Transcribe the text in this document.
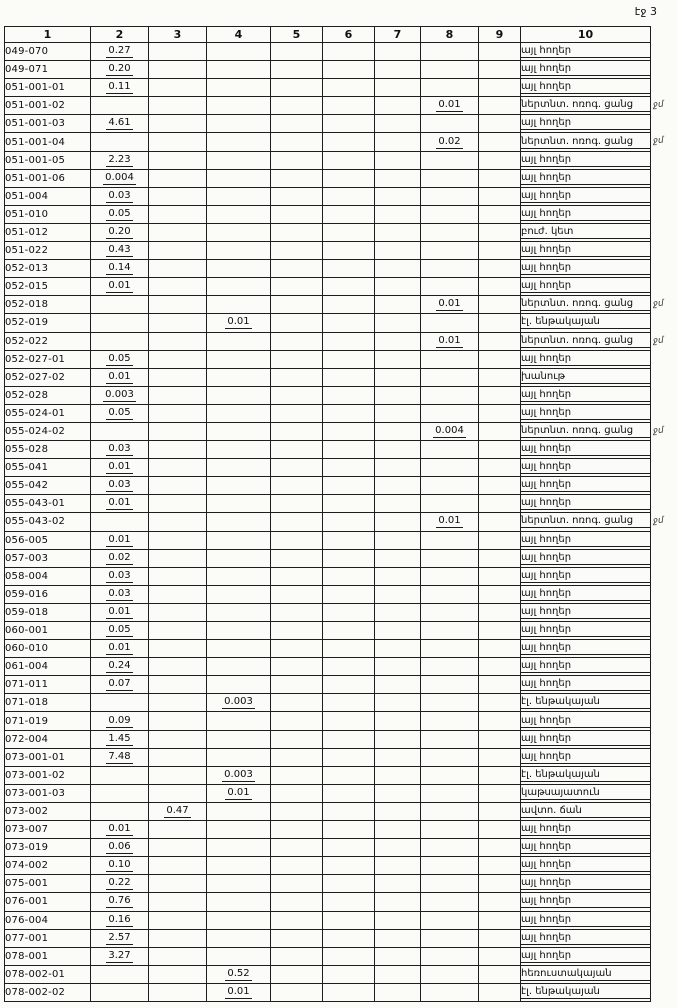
էջ 3
1	2	3	4	5	6	7	8	9	10
049-070	0.27								այլ հողեր
049-071	0.20								այլ հողեր
051-001-01	0.11								այլ հողեր
051-001-02							0.01		ներտնտ. ոռոգ. ցանց ջմ

051-001-03	4.61								այլ հողեր
051-001-04							0.02		ներտնտ. ոռոգ. ցանց ջմ

051-001-05	2.23								այլ հողեր
051-001-06	0.004								այլ հողեր
051-004	0.03								այլ հողեր
051-010	0.05								այլ հողեր
051-012	0.20								բուժ. կետ
051-022	0.43								այլ հողեր
052-013	0.14								այլ հողեր
052-015	0.01								այլ հողեր
052-018							0.01		ներտնտ. ոռոգ. ցանց ջմ

052-019			0.01						էլ. ենթակայան
052-022							0.01		ներտնտ. ոռոգ. ցանց ջմ

052-027-01	0.05								այլ հողեր
052-027-02	0.01								խանութ
052-028	0.003								այլ հողեր
055-024-01	0.05								այլ հողեր
055-024-02							0.004		ներտնտ. ոռոգ. ցանց ջմ

055-028	0.03								այլ հողեր
055-041	0.01								այլ հողեր
055-042	0.03								այլ հողեր
055-043-01	0.01								այլ հողեր
055-043-02							0.01		ներտնտ. ոռոգ. ցանց ջմ

056-005	0.01								այլ հողեր
057-003	0.02								այլ հողեր
058-004	0.03								այլ հողեր
059-016	0.03								այլ հողեր
059-018	0.01								այլ հողեր
060-001	0.05								այլ հողեր
060-010	0.01								այլ հողեր
061-004	0.24								այլ հողեր
071-011	0.07								այլ հողեր
071-018			0.003						էլ. ենթակայան
071-019	0.09								այլ հողեր
072-004	1.45								այլ հողեր
073-001-01	7.48								այլ հողեր
073-001-02			0.003						էլ. ենթակայան
073-001-03			0.01						կաթսայատուն
073-002		0.47							ավտո. ճան
073-007	0.01								այլ հողեր
073-019	0.06								այլ հողեր
074-002	0.10								այլ հողեր
075-001	0.22								այլ հողեր
076-001	0.76								այլ հողեր
076-004	0.16								այլ հողեր
077-001	2.57								այլ հողեր
078-001	3.27								այլ հողեր
078-002-01			0.52						հեռուստակայան
078-002-02			0.01						էլ. ենթակայան
